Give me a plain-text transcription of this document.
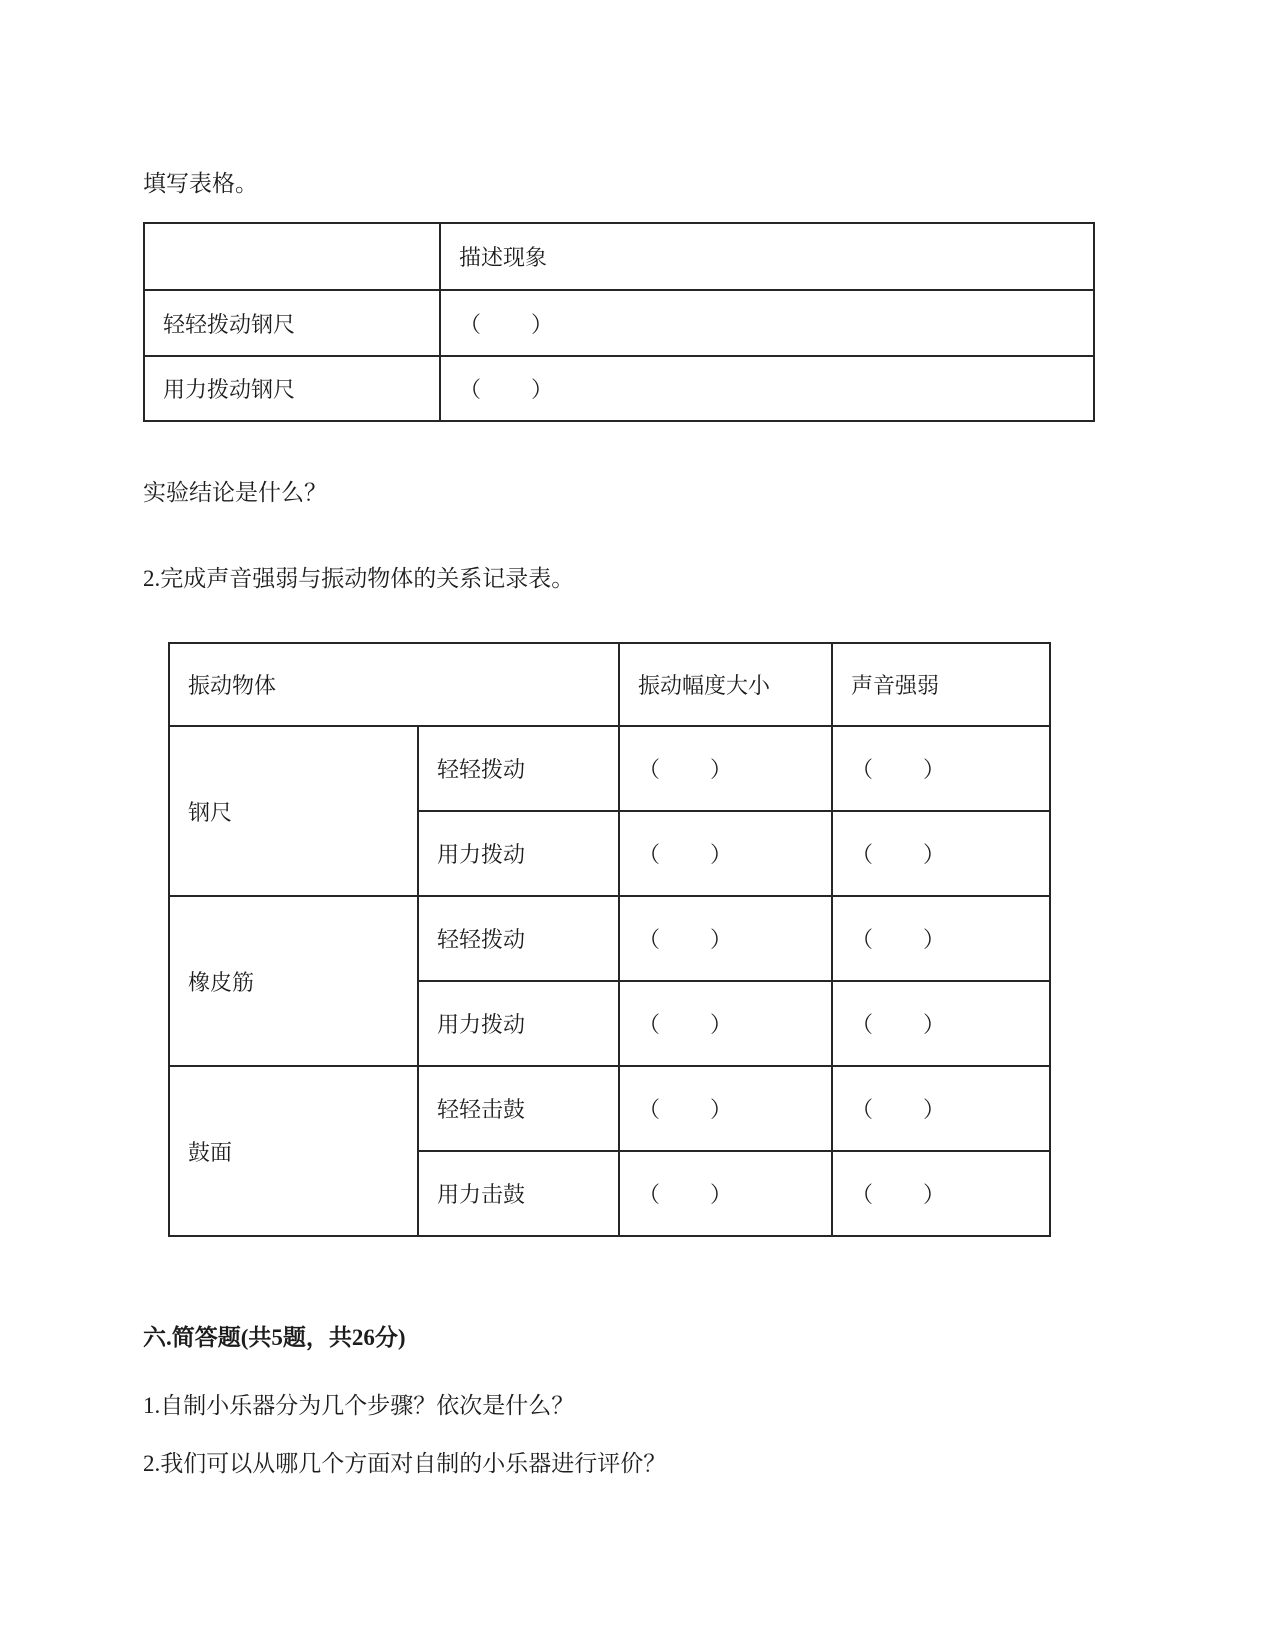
填写表格。

	描述现象
轻轻拨动钢尺	（　　）
用力拨动钢尺	（　　）

实验结论是什么？

2.完成声音强弱与振动物体的关系记录表。

振动物体		振动幅度大小	声音强弱
钢尺	轻轻拨动	（　　）	（　　）
	用力拨动	（　　）	（　　）
橡皮筋	轻轻拨动	（　　）	（　　）
	用力拨动	（　　）	（　　）
鼓面	轻轻击鼓	（　　）	（　　）
	用力击鼓	（　　）	（　　）

六.简答题(共5题，共26分)

1.自制小乐器分为几个步骤？依次是什么？

2.我们可以从哪几个方面对自制的小乐器进行评价？
